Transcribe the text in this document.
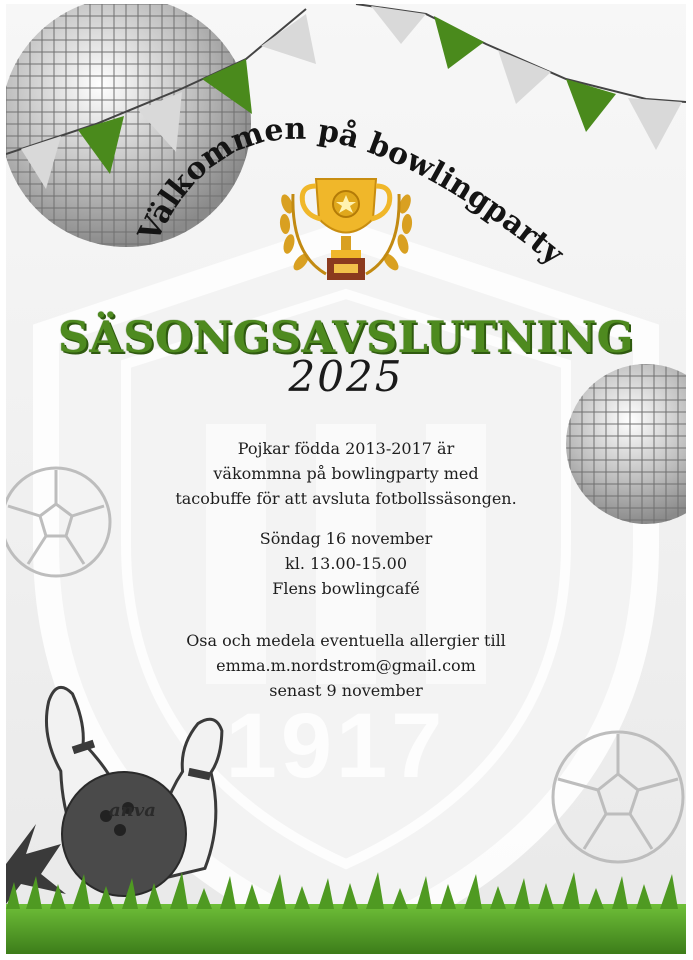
1917
Välkommen på bowlingparty
SÄSONGSAVSLUTNING
2025
Pojkar födda 2013-2017 är
väkommna på bowlingparty med
tacobuffe för att avsluta fotbollssäsongen.
Söndag 16 november
kl. 13.00-15.00
Flens bowlingcafé
Osa och medela eventuella allergier till
emma.m.nordstrom@gmail.com
senast 9 november
anva
